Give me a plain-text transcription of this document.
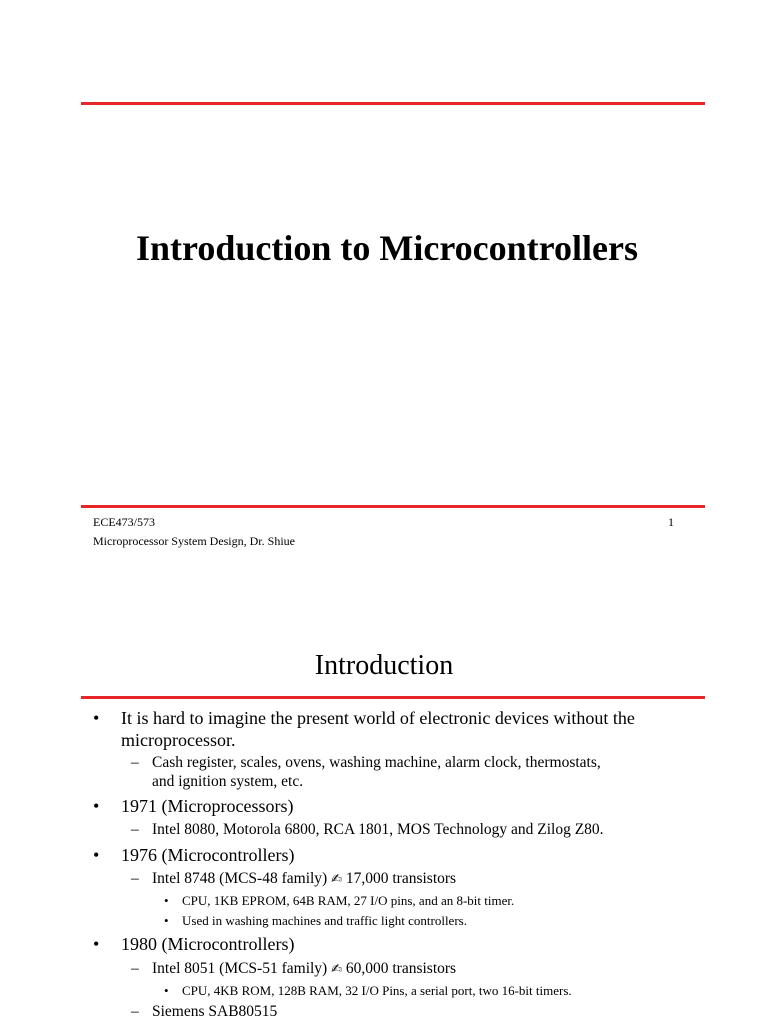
Introduction to Microcontrollers
ECE473/573	1
Microprocessor System Design, Dr. Shiue
Introduction
• It is hard to imagine the present world of electronic devices without the
microprocessor.
– Cash register, scales, ovens, washing machine, alarm clock, thermostats,
and ignition system, etc.
• 1971 (Microprocessors)
– Intel 8080, Motorola 6800, RCA 1801, MOS Technology and Zilog Z80.
• 1976 (Microcontrollers)
– Intel 8748 (MCS-48 family) ✍ 17,000 transistors
• CPU, 1KB EPROM, 64B RAM, 27 I/O pins, and an 8-bit timer.
• Used in washing machines and traffic light controllers.
• 1980 (Microcontrollers)
– Intel 8051 (MCS-51 family) ✍ 60,000 transistors
• CPU, 4KB ROM, 128B RAM, 32 I/O Pins, a serial port, two 16-bit timers.
– Siemens SAB80515
